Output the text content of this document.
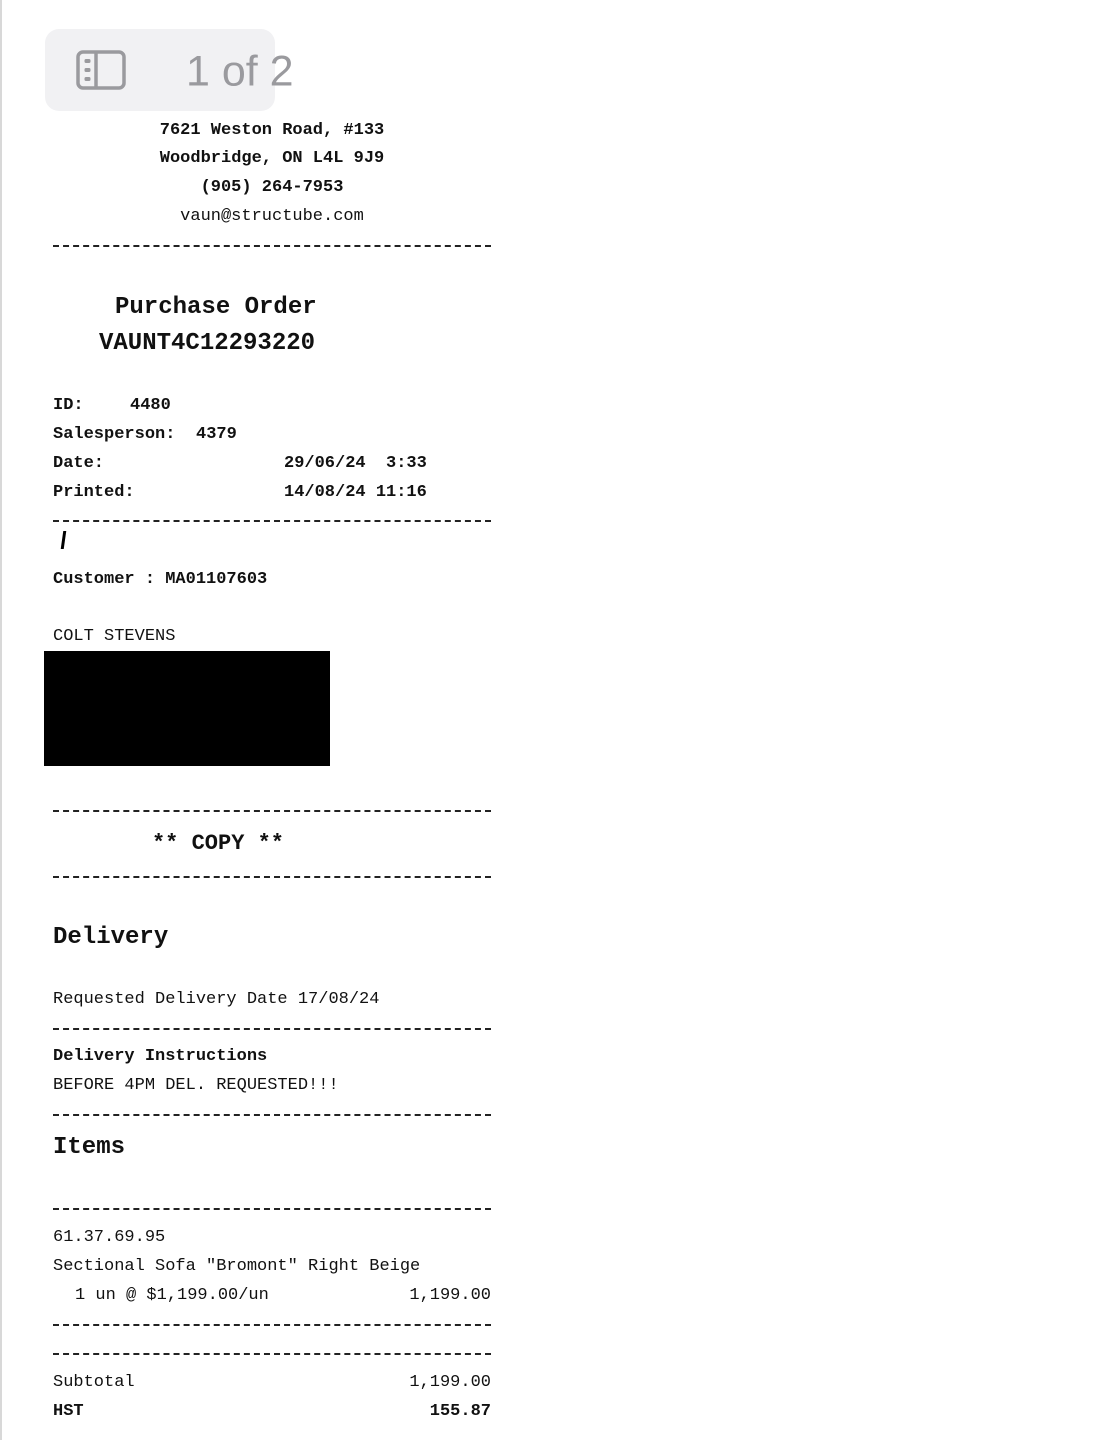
1 of 2
7621 Weston Road, #133
Woodbridge, ON L4L 9J9
(905) 264-7953
vaun@structube.com
Purchase Order
VAUNT4C12293220
ID:	4480
Salesperson: 4379
Date:	29/06/24  3:33
Printed:	14/08/24 11:16
Customer : MA01107603
COLT STEVENS
** COPY **
Delivery
Requested Delivery Date 17/08/24
Delivery Instructions
BEFORE 4PM DEL. REQUESTED!!!
Items
61.37.69.95
Sectional Sofa "Bromont" Right Beige
1 un @ $1,199.00/un	1,199.00
Subtotal	1,199.00
HST	155.87
